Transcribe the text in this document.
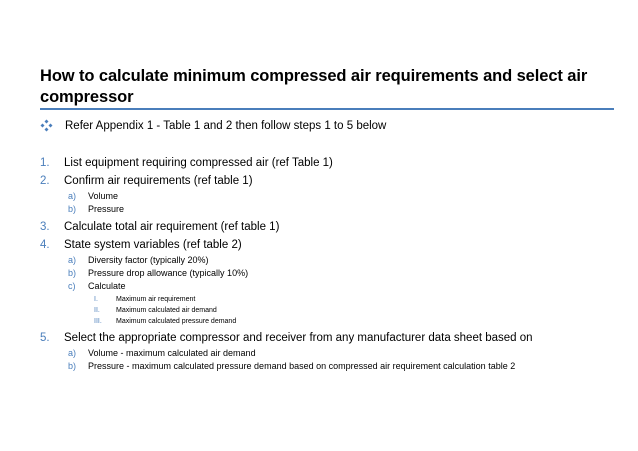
How to calculate minimum compressed air requirements and select air compressor
Refer Appendix 1 - Table 1 and 2 then follow steps 1 to 5 below
1. List equipment requiring compressed air (ref Table 1)
2. Confirm air requirements (ref table 1)
a) Volume
b) Pressure
3. Calculate total air requirement (ref table 1)
4. State system variables (ref table 2)
a) Diversity factor (typically 20%)
b) Pressure drop allowance (typically 10%)
c) Calculate
I.	Maximum air requirement
II. Maximum calculated air demand
III. Maximum calculated pressure demand
5. Select the appropriate compressor and receiver from any manufacturer data sheet based on
a) Volume - maximum calculated air demand
b) Pressure - maximum calculated pressure demand based on compressed air requirement calculation table 2
